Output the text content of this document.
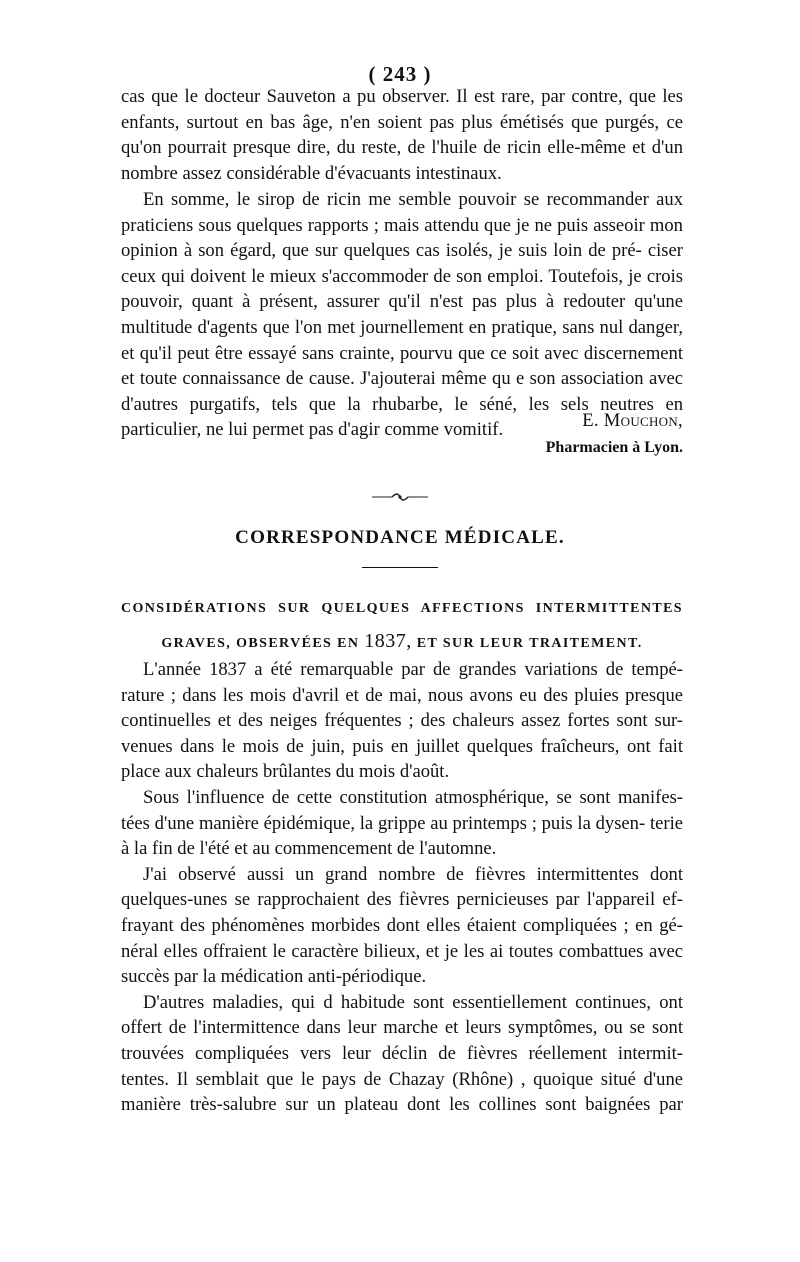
( 243 )

cas que le docteur Sauveton a pu observer. Il est rare, par contre, que les enfants, surtout en bas âge, n'en soient pas plus émétisés que purgés, ce qu'on pourrait presque dire, du reste, de l'huile de ricin elle-même et d'un nombre assez considérable d'évacuants intestinaux.

En somme, le sirop de ricin me semble pouvoir se recommander aux praticiens sous quelques rapports ; mais attendu que je ne puis asseoir mon opinion à son égard, que sur quelques cas isolés, je suis loin de pré- ciser ceux qui doivent le mieux s'accommoder de son emploi. Toutefois, je crois pouvoir, quant à présent, assurer qu'il n'est pas plus à redouter qu'une multitude d'agents que l'on met journellement en pratique, sans nul danger, et qu'il peut être essayé sans crainte, pourvu que ce soit avec discernement et toute connaissance de cause. J'ajouterai même qu e son association avec d'autres purgatifs, tels que la rhubarbe, le séné, les sels neutres en particulier, ne lui permet pas d'agir comme vomitif.	E. Mouchon,
Pharmacien à Lyon.
CORRESPONDANCE MÉDICALE.
CONSIDÉRATIONS SUR QUELQUES AFFECTIONS INTERMITTENTES
GRAVES, OBSERVÉES EN 1837, ET SUR LEUR TRAITEMENT.

L'année 1837 a été remarquable par de grandes variations de tempé- rature ; dans les mois d'avril et de mai, nous avons eu des pluies presque continuelles et des neiges fréquentes ; des chaleurs assez fortes sont sur- venues dans le mois de juin, puis en juillet quelques fraîcheurs, ont fait place aux chaleurs brûlantes du mois d'août.

Sous l'influence de cette constitution atmosphérique, se sont manifes- tées d'une manière épidémique, la grippe au printemps ; puis la dysen- terie à la fin de l'été et au commencement de l'automne.

J'ai observé aussi un grand nombre de fièvres intermittentes dont quelques-unes se rapprochaient des fièvres pernicieuses par l'appareil ef- frayant des phénomènes morbides dont elles étaient compliquées ; en gé- néral elles offraient le caractère bilieux, et je les ai toutes combattues avec succès par la médication anti-périodique.

D'autres maladies, qui d habitude sont essentiellement continues, ont offert de l'intermittence dans leur marche et leurs symptômes, ou se sont trouvées compliquées vers leur déclin de fièvres réellement intermit- tentes. Il semblait que le pays de Chazay (Rhône) , quoique situé d'une manière très-salubre sur un plateau dont les collines sont baignées par
